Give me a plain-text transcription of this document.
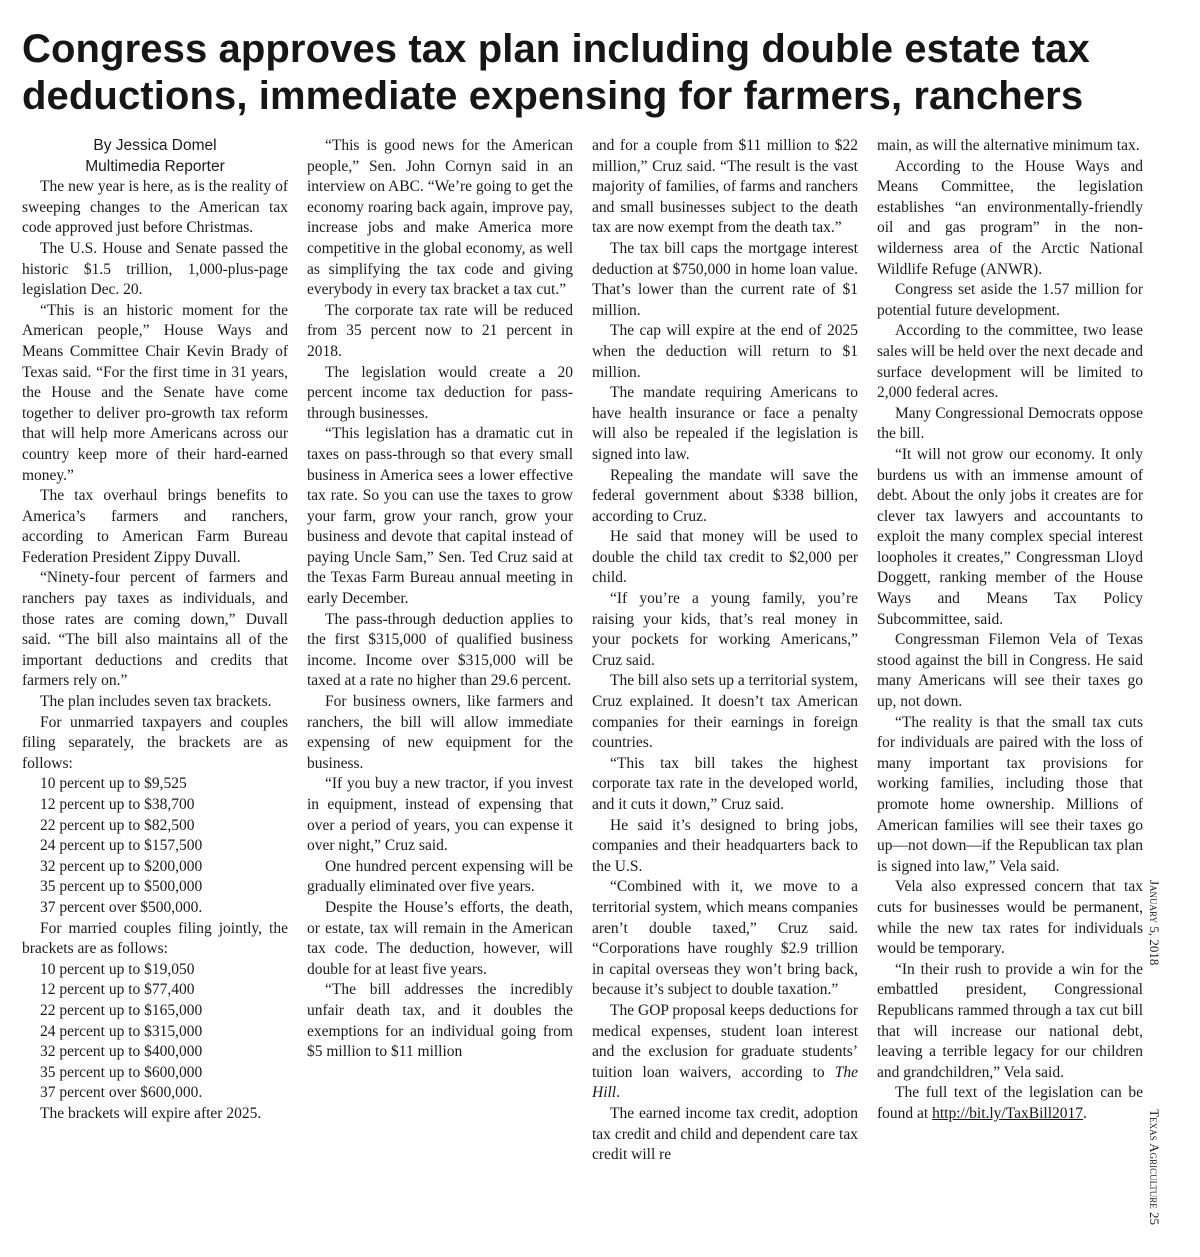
Congress approves tax plan including double estate tax deductions, immediate expensing for farmers, ranchers

By Jessica Domel

Multimedia Reporter

The new year is here, as is the reality of sweeping changes to the American tax code approved just before Christmas.

The U.S. House and Senate passed the historic $1.5 trillion, 1,000-plus-page legislation Dec. 20.

“This is an historic moment for the American people,” House Ways and Means Committee Chair Kevin Brady of Texas said. “For the first time in 31 years, the House and the Senate have come together to deliver pro-growth tax reform that will help more Americans across our country keep more of their hard-earned money.”

The tax overhaul brings benefits to America’s farmers and ranchers, according to American Farm Bureau Federation President Zippy Duvall.

“Ninety-four percent of farmers and ranchers pay taxes as individuals, and those rates are coming down,” Duvall said. “The bill also maintains all of the important deductions and credits that farmers rely on.”

The plan includes seven tax brackets.

For unmarried taxpayers and couples filing separately, the brackets are as follows:

10 percent up to $9,525

12 percent up to $38,700

22 percent up to $82,500

24 percent up to $157,500

32 percent up to $200,000

35 percent up to $500,000

37 percent over $500,000.

For married couples filing jointly, the brackets are as follows:

10 percent up to $19,050

12 percent up to $77,400

22 percent up to $165,000

24 percent up to $315,000

32 percent up to $400,000

35 percent up to $600,000

37 percent over $600,000.

The brackets will expire after 2025.

“This is good news for the American people,” Sen. John Cornyn said in an interview on ABC. “We’re going to get the economy roaring back again, improve pay, increase jobs and make America more competitive in the global economy, as well as simplifying the tax code and giving everybody in every tax bracket a tax cut.”

The corporate tax rate will be reduced from 35 percent now to 21 percent in 2018.

The legislation would create a 20 percent income tax deduction for pass-through businesses.

“This legislation has a dramatic cut in taxes on pass-through so that every small business in America sees a lower effective tax rate. So you can use the taxes to grow your farm, grow your ranch, grow your business and devote that capital instead of paying Uncle Sam,” Sen. Ted Cruz said at the Texas Farm Bureau annual meeting in early December.

The pass-through deduction applies to the first $315,000 of qualified business income. Income over $315,000 will be taxed at a rate no higher than 29.6 percent.

For business owners, like farmers and ranchers, the bill will allow immediate expensing of new equipment for the business.

“If you buy a new tractor, if you invest in equipment, instead of expensing that over a period of years, you can expense it over night,” Cruz said.

One hundred percent expensing will be gradually eliminated over five years.

Despite the House’s efforts, the death, or estate, tax will remain in the American tax code. The deduction, however, will double for at least five years.

“The bill addresses the incredibly unfair death tax, and it doubles the exemptions for an individual going from $5 million to $11 million

and for a couple from $11 million to $22 million,” Cruz said. “The result is the vast majority of families, of farms and ranchers and small businesses subject to the death tax are now exempt from the death tax.”

The tax bill caps the mortgage interest deduction at $750,000 in home loan value. That’s lower than the current rate of $1 million.

The cap will expire at the end of 2025 when the deduction will return to $1 million.

The mandate requiring Americans to have health insurance or face a penalty will also be repealed if the legislation is signed into law.

Repealing the mandate will save the federal government about $338 billion, according to Cruz.

He said that money will be used to double the child tax credit to $2,000 per child.

“If you’re a young family, you’re raising your kids, that’s real money in your pockets for working Americans,” Cruz said.

The bill also sets up a territorial system, Cruz explained. It doesn’t tax American companies for their earnings in foreign countries.

“This tax bill takes the highest corporate tax rate in the developed world, and it cuts it down,” Cruz said.

He said it’s designed to bring jobs, companies and their headquarters back to the U.S.

“Combined with it, we move to a territorial system, which means companies aren’t double taxed,” Cruz said. “Corporations have roughly $2.9 trillion in capital overseas they won’t bring back, because it’s subject to double taxation.”

The GOP proposal keeps deductions for medical expenses, student loan interest and the exclusion for graduate students’ tuition loan waivers, according to The Hill.

The earned income tax credit, adoption tax credit and child and dependent care tax credit will re

main, as will the alternative minimum tax.

According to the House Ways and Means Committee, the legislation establishes “an environmentally-friendly oil and gas program” in the non-wilderness area of the Arctic National Wildlife Refuge (ANWR).

Congress set aside the 1.57 million for potential future development.

According to the committee, two lease sales will be held over the next decade and surface development will be limited to 2,000 federal acres.

Many Congressional Democrats oppose the bill.

“It will not grow our economy. It only burdens us with an immense amount of debt. About the only jobs it creates are for clever tax lawyers and accountants to exploit the many complex special interest loopholes it creates,” Congressman Lloyd Doggett, ranking member of the House Ways and Means Tax Policy Subcommittee, said.

Congressman Filemon Vela of Texas stood against the bill in Congress. He said many Americans will see their taxes go up, not down.

“The reality is that the small tax cuts for individuals are paired with the loss of many important tax provisions for working families, including those that promote home ownership. Millions of American families will see their taxes go up—not down—if the Republican tax plan is signed into law,” Vela said.

Vela also expressed concern that tax cuts for businesses would be permanent, while the new tax rates for individuals would be temporary.

“In their rush to provide a win for the embattled president, Congressional Republicans rammed through a tax cut bill that will increase our national debt, leaving a terrible legacy for our children and grandchildren,” Vela said.

The full text of the legislation can be found at http://bit.ly/TaxBill2017.

January 5, 2018
Texas Agriculture 25
